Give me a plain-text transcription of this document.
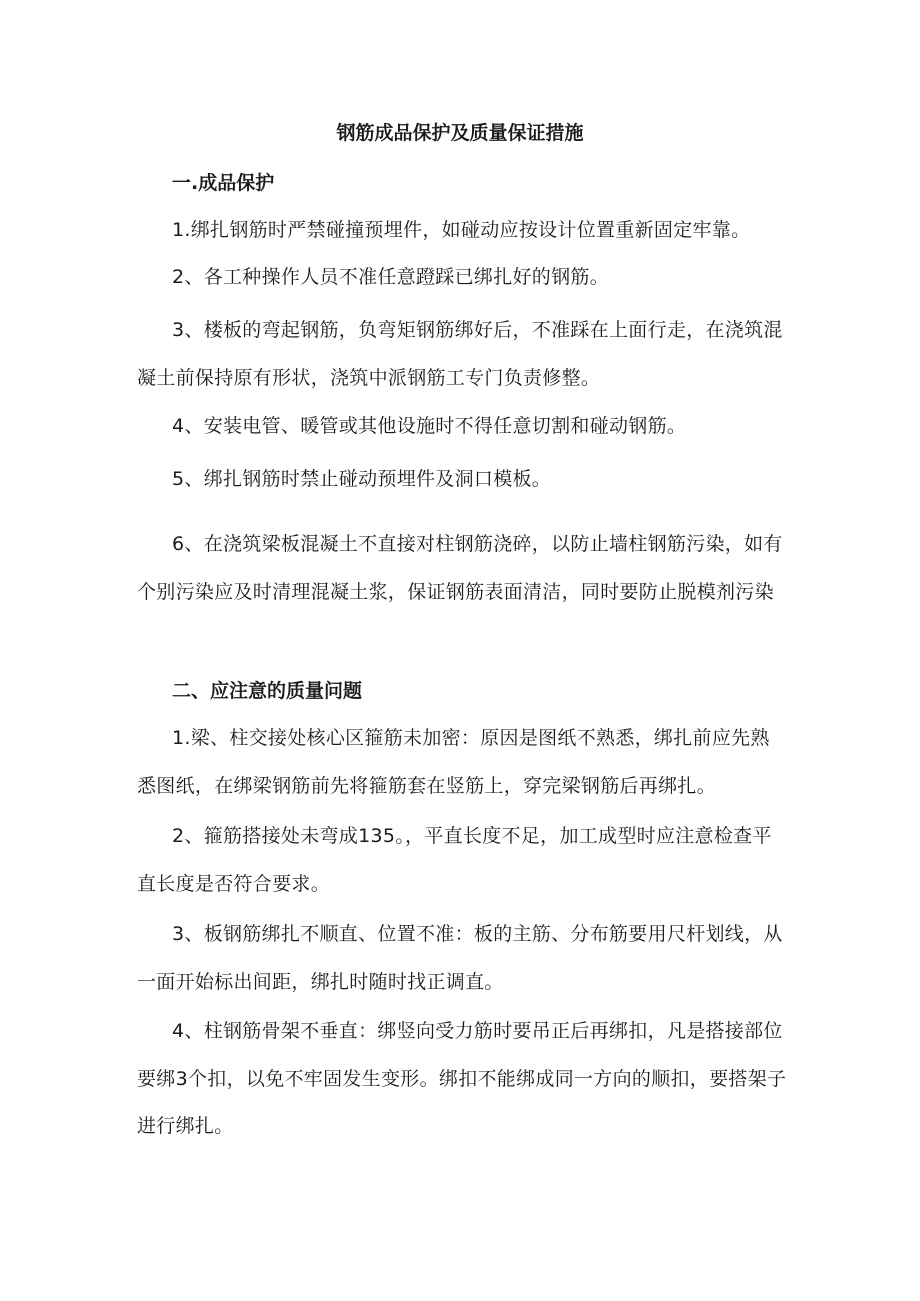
钢筋成品保护及质量保证措施
一.成品保护

1.绑扎钢筋时严禁碰撞预埋件，如碰动应按设计位置重新固定牢靠。

2、各工种操作人员不准任意蹬踩已绑扎好的钢筋。

3、楼板的弯起钢筋，负弯矩钢筋绑好后，不准踩在上面行走，在浇筑混凝土前保持原有形状，浇筑中派钢筋工专门负责修整。

4、安装电管、暖管或其他设施时不得任意切割和碰动钢筋。

5、绑扎钢筋时禁止碰动预埋件及洞口模板。

6、在浇筑梁板混凝土不直接对柱钢筋浇碎，以防止墙柱钢筋污染，如有个别污染应及时清理混凝土浆，保证钢筋表面清洁，同时要防止脱模剂污染

二、应注意的质量问题

1.梁、柱交接处核心区箍筋未加密：原因是图纸不熟悉，绑扎前应先熟悉图纸，在绑梁钢筋前先将箍筋套在竖筋上，穿完梁钢筋后再绑扎。

2、箍筋搭接处未弯成135。，平直长度不足，加工成型时应注意检查平直长度是否符合要求。

3、板钢筋绑扎不顺直、位置不准：板的主筋、分布筋要用尺杆划线，从一面开始标出间距，绑扎时随时找正调直。

4、柱钢筋骨架不垂直：绑竖向受力筋时要吊正后再绑扣，凡是搭接部位要绑3个扣，以免不牢固发生变形。绑扣不能绑成同一方向的顺扣，要搭架子进行绑扎。
